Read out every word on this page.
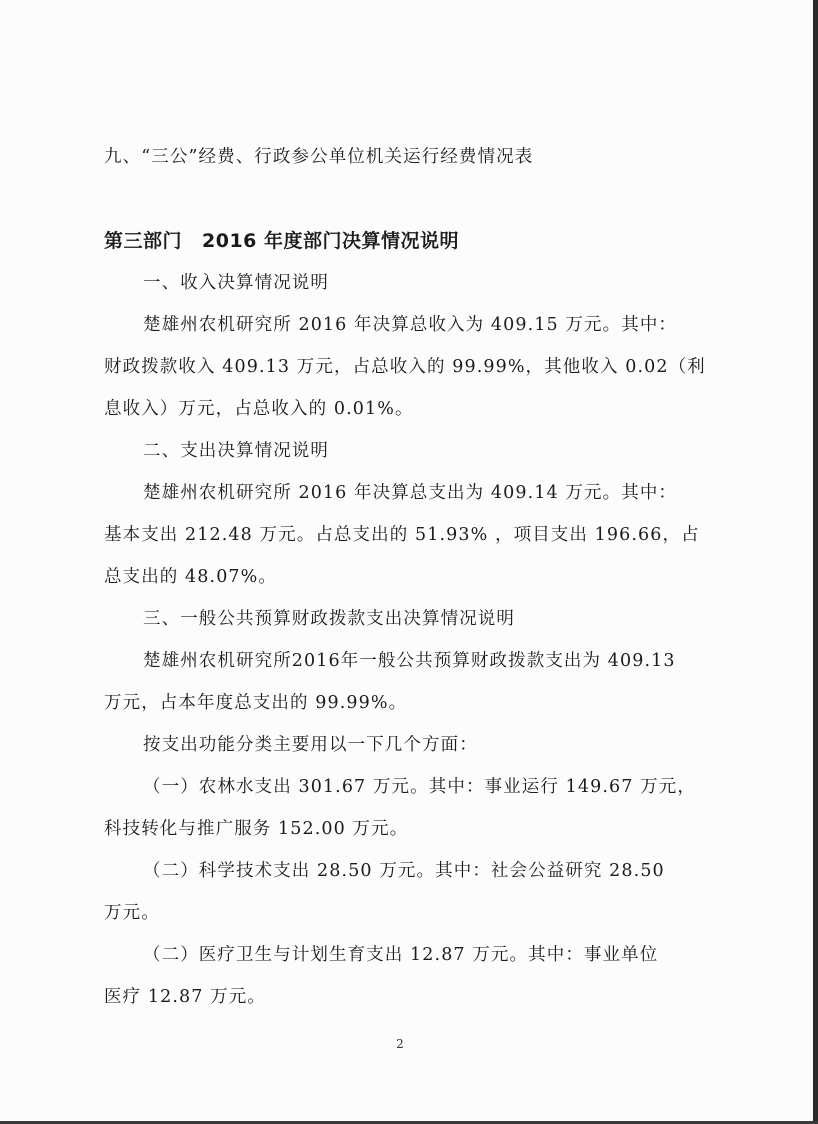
九、“三公”经费、行政参公单位机关运行经费情况表

第三部门 2016 年度部门决算情况说明

一、收入决算情况说明

楚雄州农机研究所 2016 年决算总收入为 409.15 万元。其中：

财政拨款收入 409.13 万元，占总收入的 99.99%，其他收入 0.02（利

息收入）万元，占总收入的 0.01%。

二、支出决算情况说明

楚雄州农机研究所 2016 年决算总支出为 409.14 万元。其中：

基本支出 212.48 万元。占总支出的 51.93% ，项目支出 196.66，占

总支出的 48.07%。

三、一般公共预算财政拨款支出决算情况说明

楚雄州农机研究所2016年一般公共预算财政拨款支出为 409.13

万元，占本年度总支出的 99.99%。

按支出功能分类主要用以一下几个方面：

（一）农林水支出 301.67 万元。其中：事业运行 149.67 万元，

科技转化与推广服务 152.00 万元。

（二）科学技术支出 28.50 万元。其中：社会公益研究 28.50

万元。

（二）医疗卫生与计划生育支出 12.87 万元。其中：事业单位

医疗 12.87 万元。

2
